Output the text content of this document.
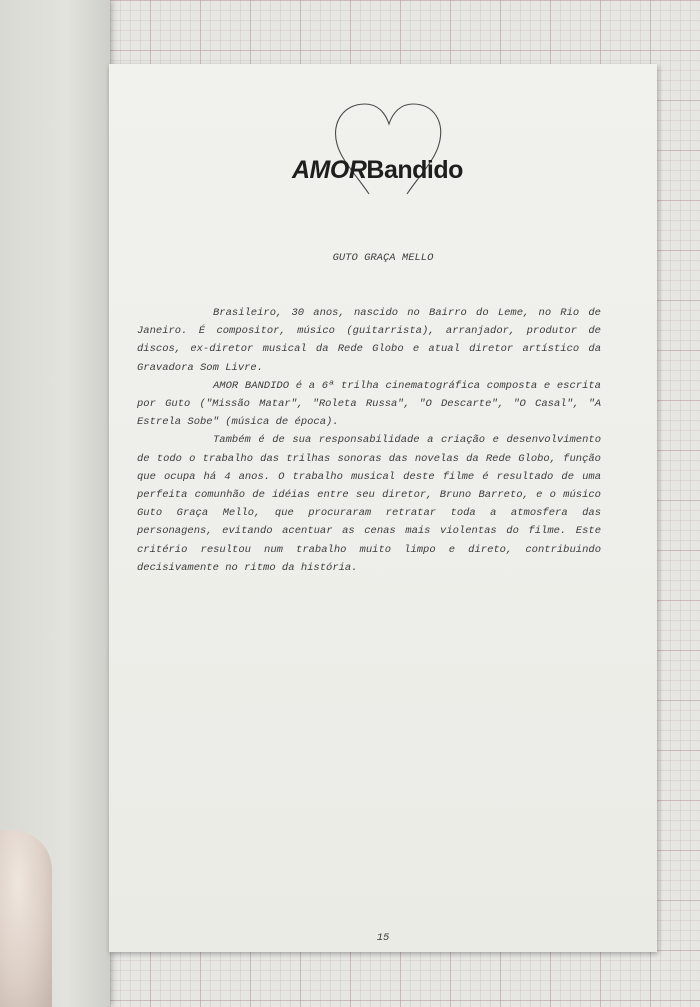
AMORBandido
GUTO GRAÇA MELLO

Brasileiro, 30 anos, nascido no Bairro do Leme, no Rio de Janeiro. É compositor, músico (guitarrista), arranjador, produtor de discos, ex-diretor musical da Rede Globo e atual diretor artístico da Gravadora Som Livre.

AMOR BANDIDO é a 6ª trilha cinematográfica composta e escrita por Guto ("Missão Matar", "Roleta Russa", "O Descarte", "O Casal", "A Estrela Sobe" (música de época).

Também é de sua responsabilidade a criação e desenvolvimento de todo o trabalho das trilhas sonoras das novelas da Rede Globo, função que ocupa há 4 anos. O trabalho musical deste filme é resultado de uma perfeita comunhão de idéias entre seu diretor, Bruno Barreto, e o músico Guto Graça Mello, que procuraram retratar toda a atmosfera das personagens, evitando acentuar as cenas mais violentas do filme. Este critério resultou num trabalho muito limpo e direto, contribuindo decisivamente no ritmo da história.

15
